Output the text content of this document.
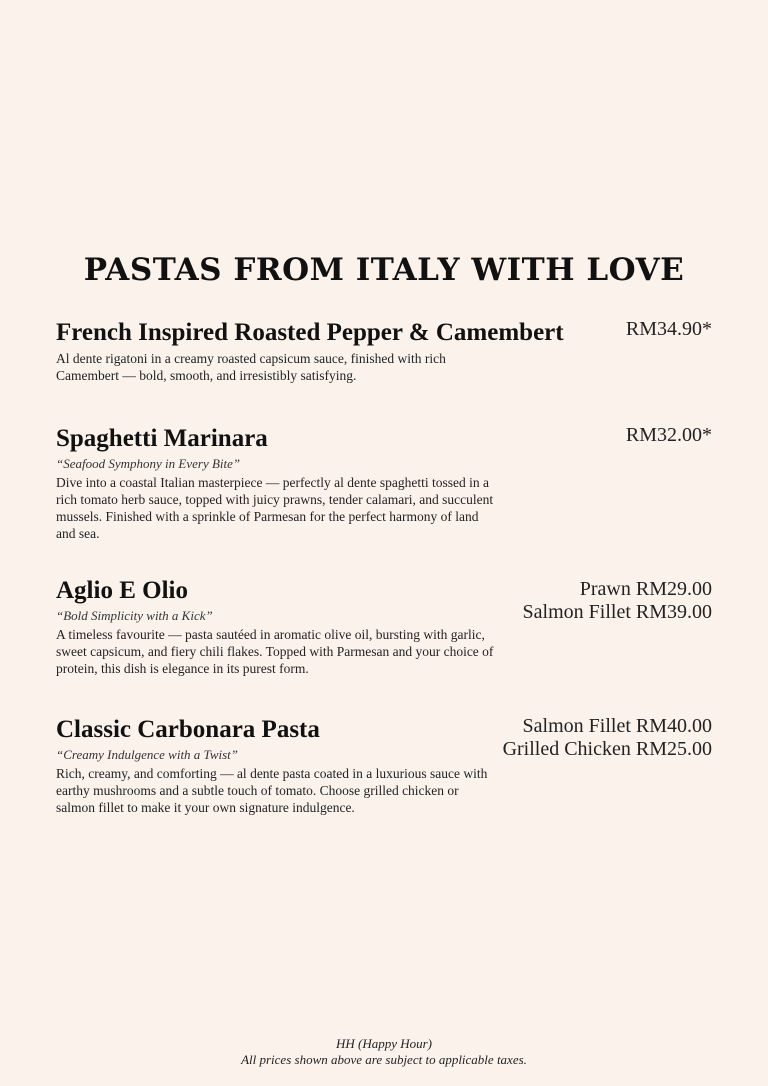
PASTAS FROM ITALY WITH LOVE
French Inspired Roasted Pepper & Camembert
Al dente rigatoni in a creamy roasted capsicum sauce, finished with rich Camembert — bold, smooth, and irresistibly satisfying.
RM34.90*
Spaghetti Marinara
“Seafood Symphony in Every Bite”
Dive into a coastal Italian masterpiece — perfectly al dente spaghetti tossed in a rich tomato herb sauce, topped with juicy prawns, tender calamari, and succulent mussels. Finished with a sprinkle of Parmesan for the perfect harmony of land and sea.
RM32.00*
Aglio E Olio
“Bold Simplicity with a Kick”
A timeless favourite — pasta sautéed in aromatic olive oil, bursting with garlic, sweet capsicum, and fiery chili flakes. Topped with Parmesan and your choice of protein, this dish is elegance in its purest form.
Prawn RM29.00
Salmon Fillet RM39.00
Classic Carbonara Pasta
“Creamy Indulgence with a Twist”
Rich, creamy, and comforting — al dente pasta coated in a luxurious sauce with earthy mushrooms and a subtle touch of tomato. Choose grilled chicken or salmon fillet to make it your own signature indulgence.
Salmon Fillet RM40.00
Grilled Chicken RM25.00
HH (Happy Hour)
All prices shown above are subject to applicable taxes.
